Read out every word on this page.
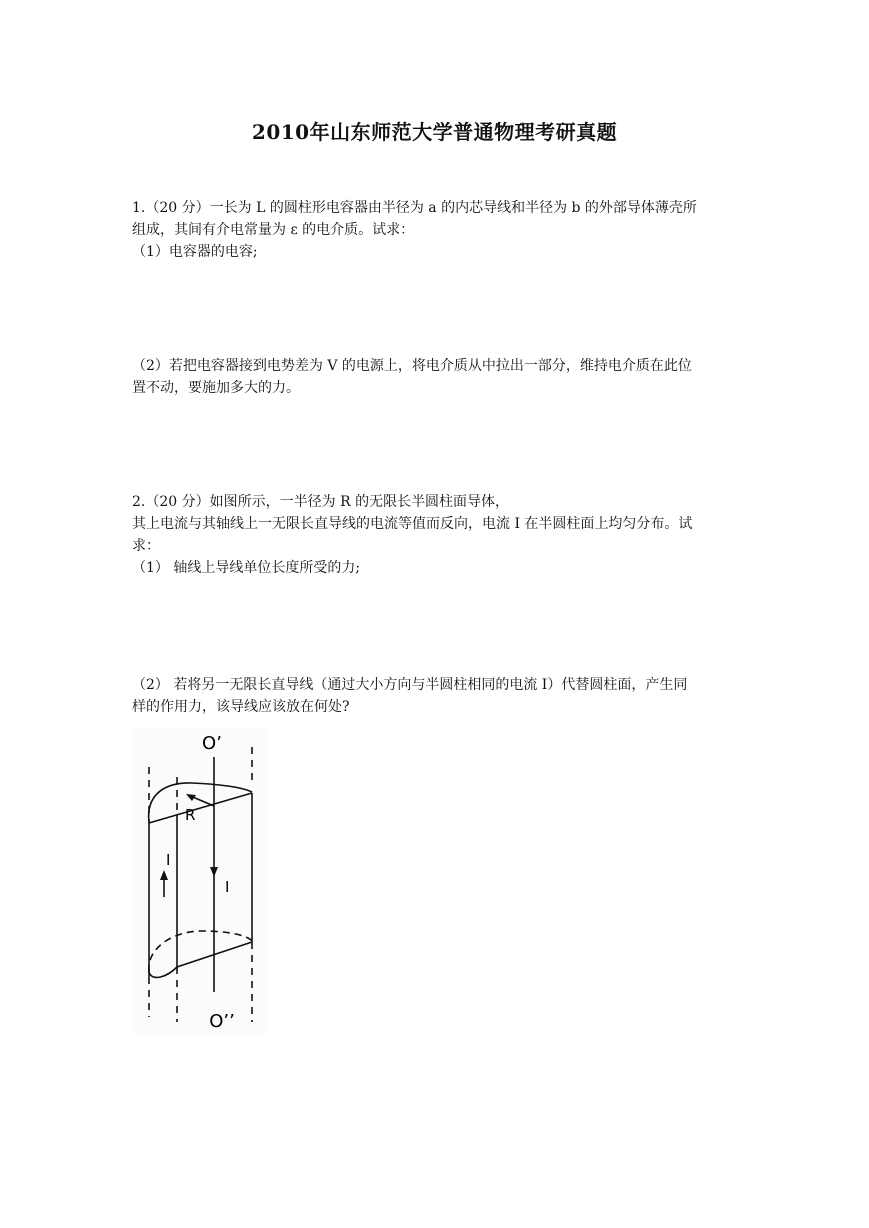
2010年山东师范大学普通物理考研真题
1.（20 分）一长为 L 的圆柱形电容器由半径为 a 的内芯导线和半径为 b 的外部导体薄壳所
组成，其间有介电常量为 ε 的电介质。试求：
（1）电容器的电容;
（2）若把电容器接到电势差为 V 的电源上，将电介质从中拉出一部分，维持电介质在此位
置不动，要施加多大的力。
2.（20 分）如图所示，一半径为 R 的无限长半圆柱面导体，
其上电流与其轴线上一无限长直导线的电流等值而反向，电流 I 在半圆柱面上均匀分布。试
求：
（1） 轴线上导线单位长度所受的力;
（2） 若将另一无限长直导线（通过大小方向与半圆柱相同的电流 I）代替圆柱面，产生同
样的作用力，该导线应该放在何处?
O’
O’’
R
I
I
